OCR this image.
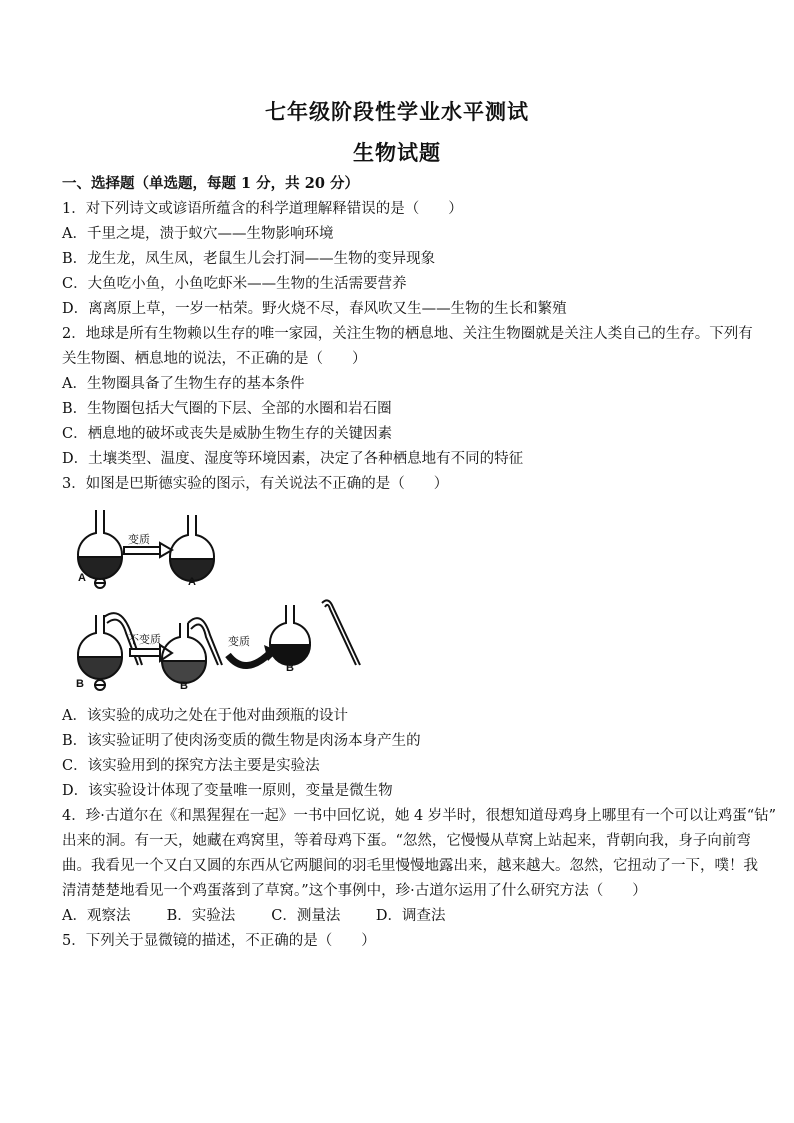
七年级阶段性学业水平测试
生物试题
一、选择题（单选题，每题 1 分，共 20 分）
1．对下列诗文或谚语所蕴含的科学道理解释错误的是（　　）
A．千里之堤，溃于蚁穴——生物影响环境
B．龙生龙，凤生凤，老鼠生儿会打洞——生物的变异现象
C．大鱼吃小鱼，小鱼吃虾米——生物的生活需要营养
D．离离原上草，一岁一枯荣。野火烧不尽，春风吹又生——生物的生长和繁殖
2．地球是所有生物赖以生存的唯一家园，关注生物的栖息地、关注生物圈就是关注人类自己的生存。下列有
关生物圈、栖息地的说法，不正确的是（　　）
A．生物圈具备了生物生存的基本条件
B．生物圈包括大气圈的下层、全部的水圈和岩石圈
C．栖息地的破坏或丧失是威胁生物生存的关键因素
D．土壤类型、温度、湿度等环境因素，决定了各种栖息地有不同的特征
3．如图是巴斯德实验的图示，有关说法不正确的是（　　）
变质
A	A
不变质	变质
B	B
B
A．该实验的成功之处在于他对曲颈瓶的设计
B．该实验证明了使肉汤变质的微生物是肉汤本身产生的
C．该实验用到的探究方法主要是实验法
D．该实验设计体现了变量唯一原则，变量是微生物
4．珍·古道尔在《和黑猩猩在一起》一书中回忆说，她 4 岁半时，很想知道母鸡身上哪里有一个可以让鸡蛋“钻”
出来的洞。有一天，她藏在鸡窝里，等着母鸡下蛋。“忽然，它慢慢从草窝上站起来，背朝向我，身子向前弯
曲。我看见一个又白又圆的东西从它两腿间的羽毛里慢慢地露出来，越来越大。忽然，它扭动了一下，噗！我
清清楚楚地看见一个鸡蛋落到了草窝。”这个事例中，珍·古道尔运用了什么研究方法（　　）
A．观察法 B．实验法 C．测量法 D．调查法
5．下列关于显微镜的描述，不正确的是（　　）
